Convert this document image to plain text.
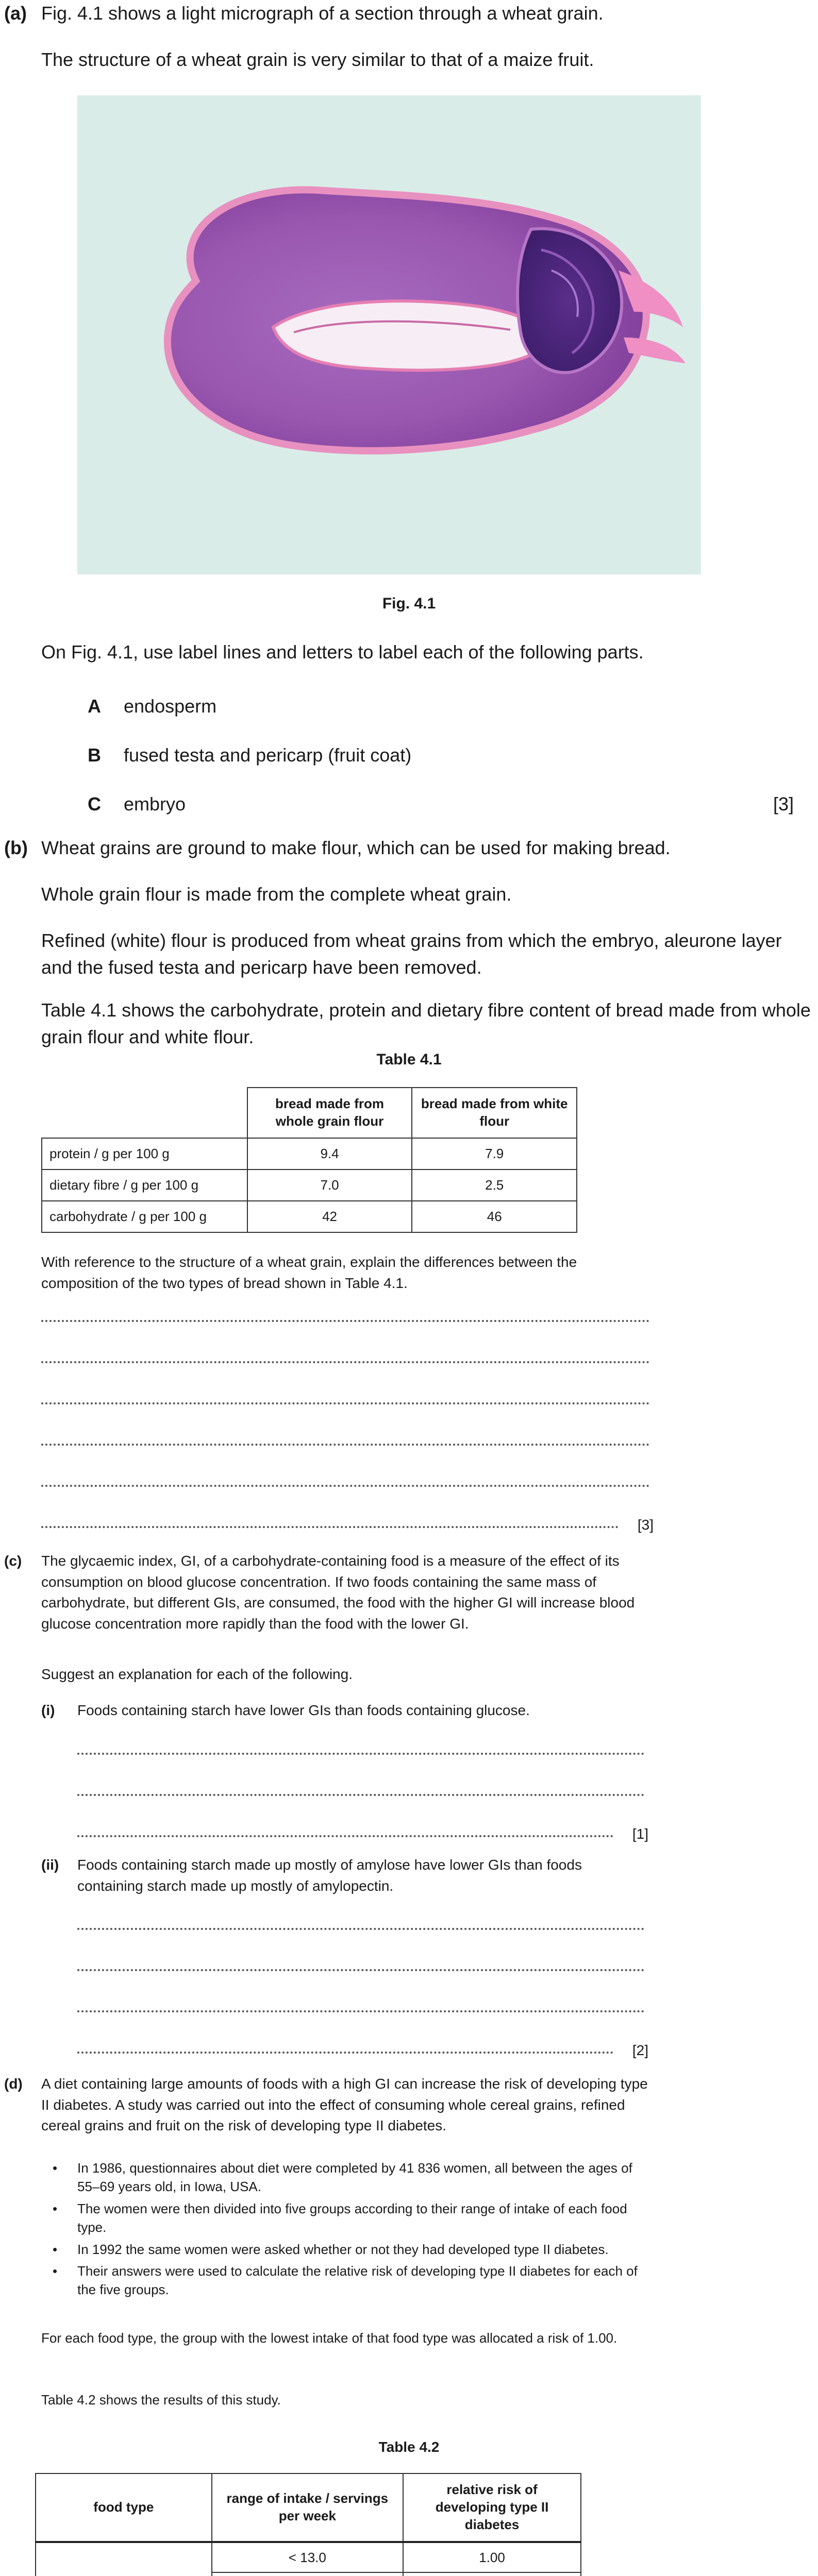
(a) Fig. 4.1 shows a light micrograph of a section through a wheat grain.
The structure of a wheat grain is very similar to that of a maize fruit.
Fig. 4.1
On Fig. 4.1, use label lines and letters to label each of the following parts.
A endosperm
B fused testa and pericarp (fruit coat)
C embryo	[3]
(b) Wheat grains are ground to make flour, which can be used for making bread.
Whole grain flour is made from the complete wheat grain.
Refined (white) flour is produced from wheat grains from which the embryo, aleurone layer and the fused testa and pericarp have been removed.
Table 4.1 shows the carbohydrate, protein and dietary fibre content of bread made from whole grain flour and white flour.
Table 4.1
	bread made from whole grain flour	bread made from white flour
protein / g per 100 g	9.4	7.9
dietary fibre / g per 100 g	7.0	2.5
carbohydrate / g per 100 g	42	46
With reference to the structure of a wheat grain, explain the differences between the composition of the two types of bread shown in Table 4.1.
[3]
(c) The glycaemic index, GI, of a carbohydrate-containing food is a measure of the effect of its consumption on blood glucose concentration. If two foods containing the same mass of carbohydrate, but different GIs, are consumed, the food with the higher GI will increase blood glucose concentration more rapidly than the food with the lower GI.
Suggest an explanation for each of the following.
(i) Foods containing starch have lower GIs than foods containing glucose.
[1]
(ii) Foods containing starch made up mostly of amylose have lower GIs than foods containing starch made up mostly of amylopectin.
[2]
(d) A diet containing large amounts of foods with a high GI can increase the risk of developing type II diabetes. A study was carried out into the effect of consuming whole cereal grains, refined cereal grains and fruit on the risk of developing type II diabetes.
• In 1986, questionnaires about diet were completed by 41 836 women, all between the ages of 55–69 years old, in Iowa, USA.
• The women were then divided into five groups according to their range of intake of each food type.
• In 1992 the same women were asked whether or not they had developed type II diabetes.
• Their answers were used to calculate the relative risk of developing type II diabetes for each of the five groups.
For each food type, the group with the lowest intake of that food type was allocated a risk of 1.00.
Table 4.2 shows the results of this study.
Table 4.2
food type	range of intake / servings per week	relative risk of developing type II diabetes
	< 13.0	1.00
